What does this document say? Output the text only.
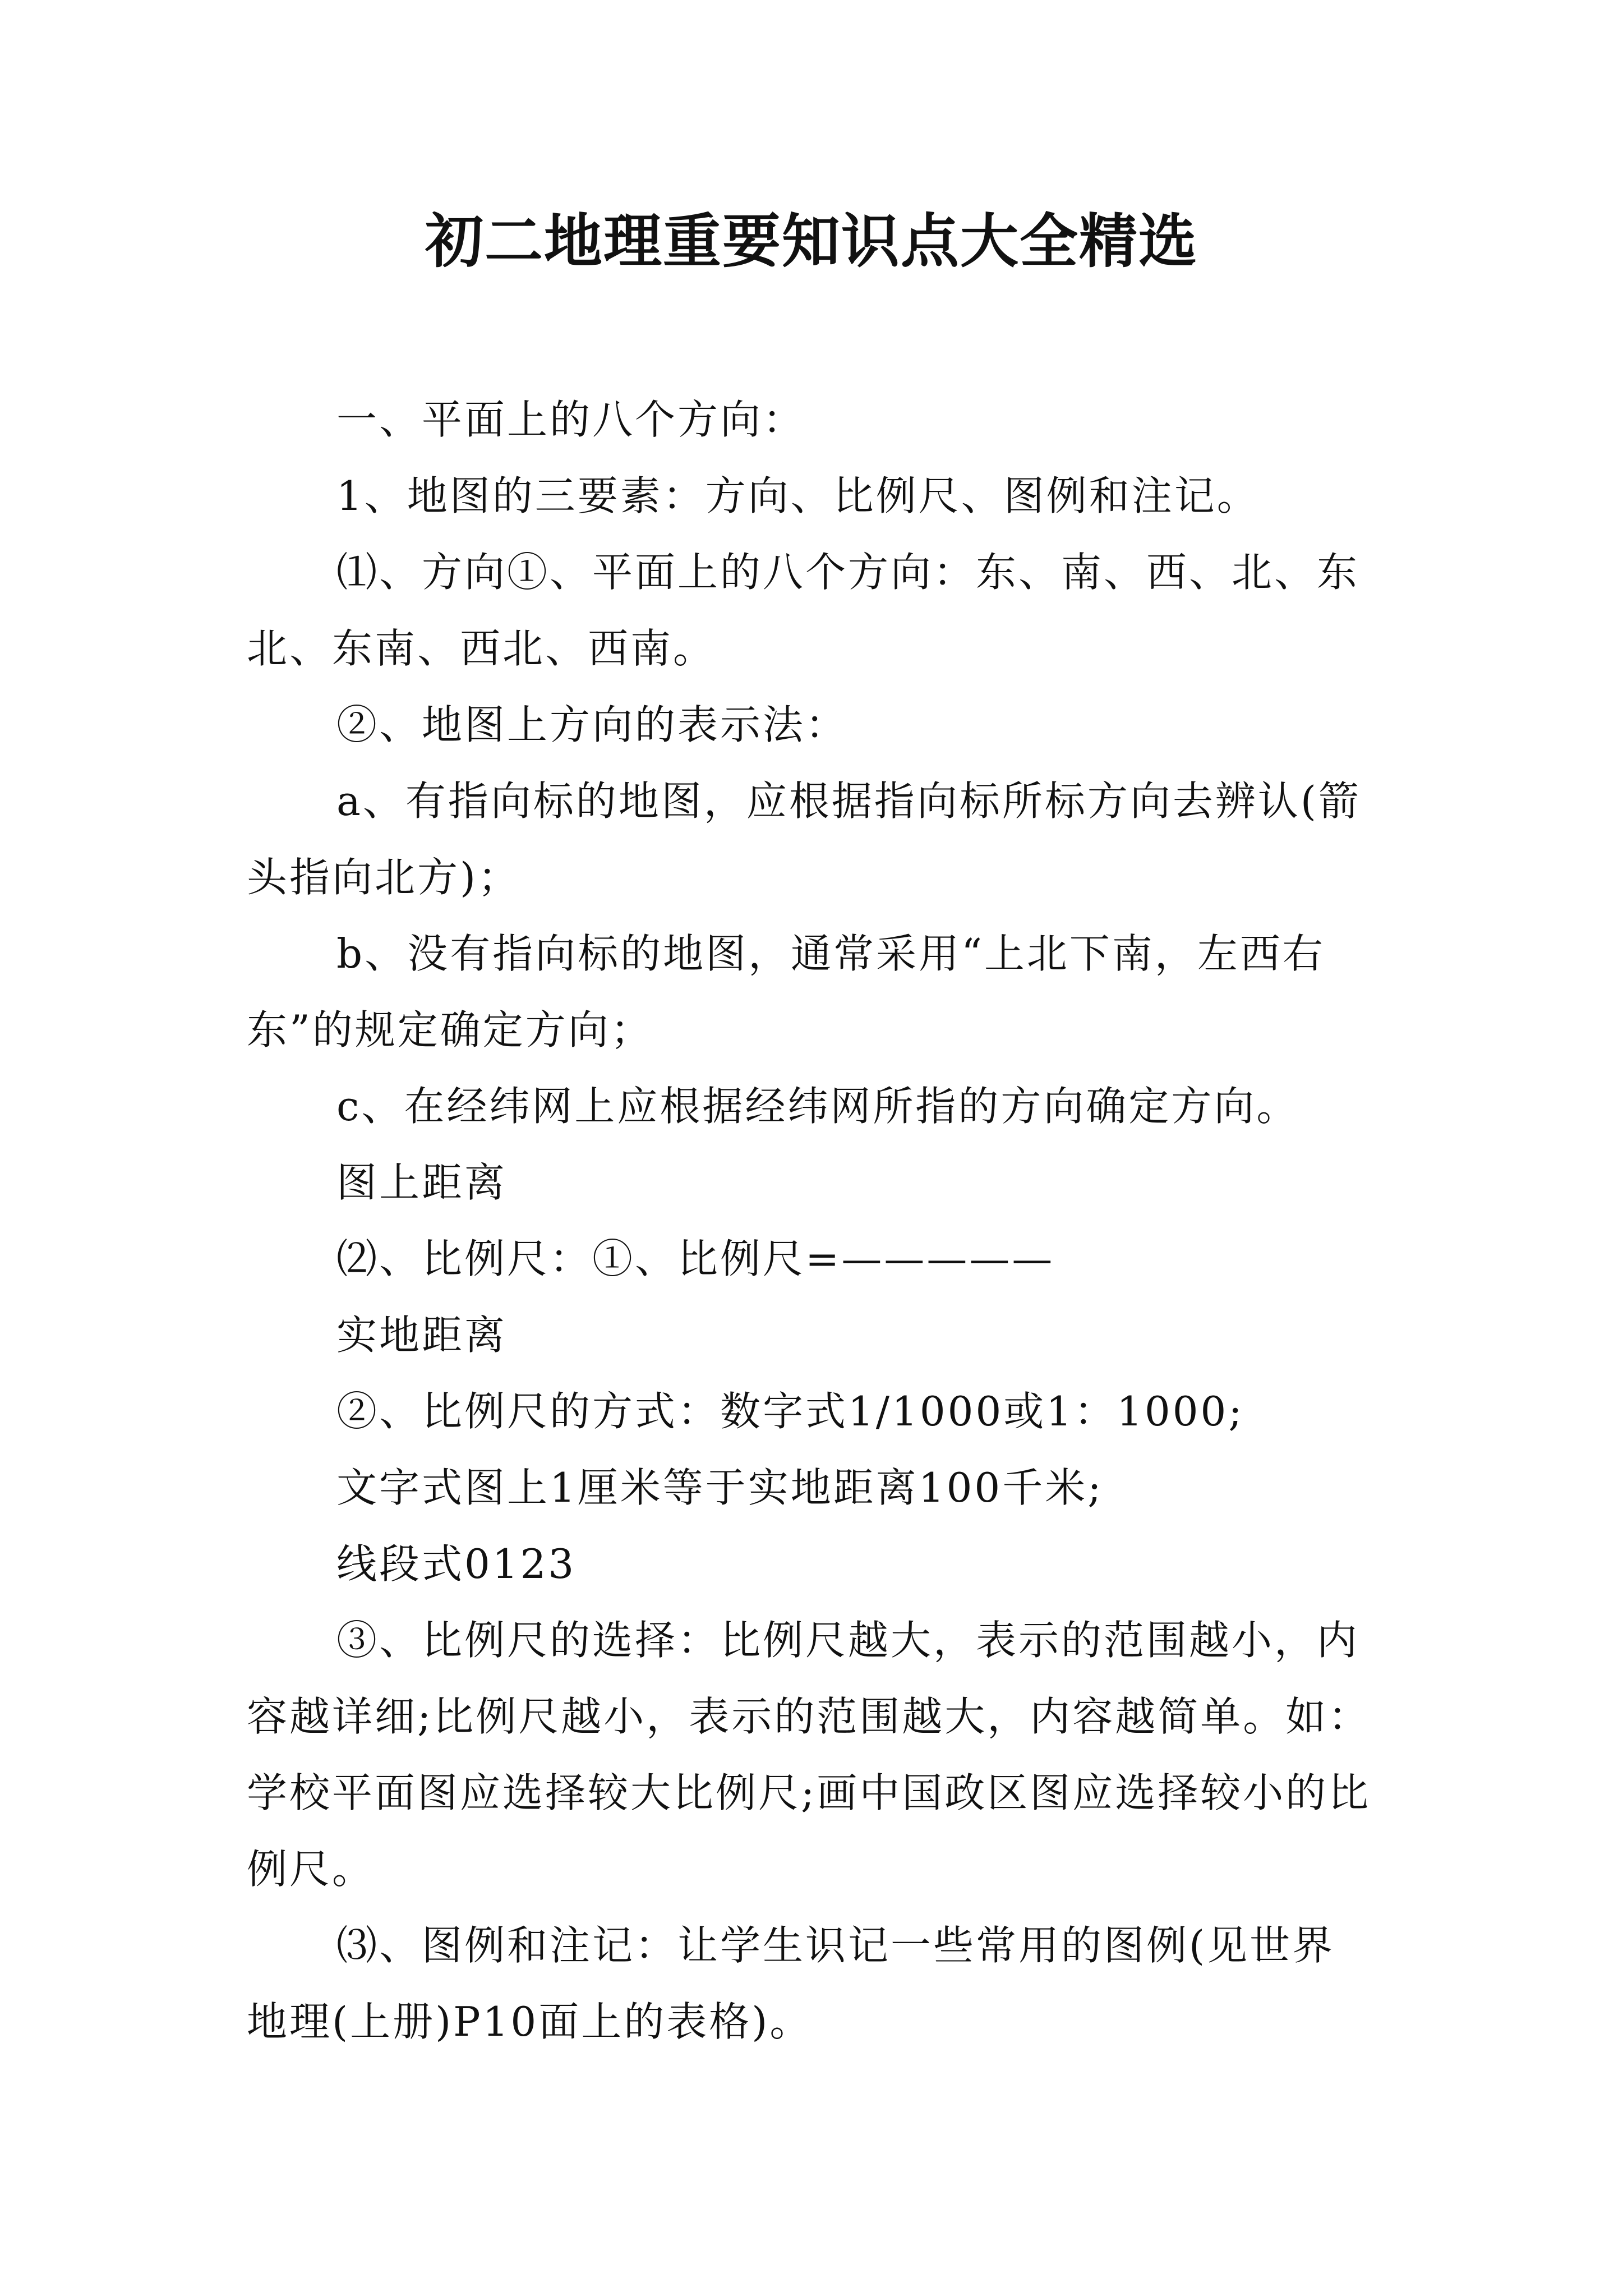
初二地理重要知识点大全精选

一、平面上的八个方向：

1、地图的三要素：方向、比例尺、图例和注记。

⑴、方向①、平面上的八个方向：东、南、西、北、东北、东南、西北、西南。

②、地图上方向的表示法：

a、有指向标的地图，应根据指向标所标方向去辨认(箭头指向北方)；

b、没有指向标的地图，通常采用“上北下南，左西右东”的规定确定方向；

c、在经纬网上应根据经纬网所指的方向确定方向。

图上距离

⑵、比例尺：①、比例尺=—————

实地距离

②、比例尺的方式：数字式1/1000或1：1000;

文字式图上1厘米等于实地距离100千米;

线段式0123

③、比例尺的选择：比例尺越大，表示的范围越小，内容越详细;比例尺越小，表示的范围越大，内容越简单。如：学校平面图应选择较大比例尺;画中国政区图应选择较小的比例尺。

⑶、图例和注记：让学生识记一些常用的图例(见世界地理(上册)P10面上的表格)。
